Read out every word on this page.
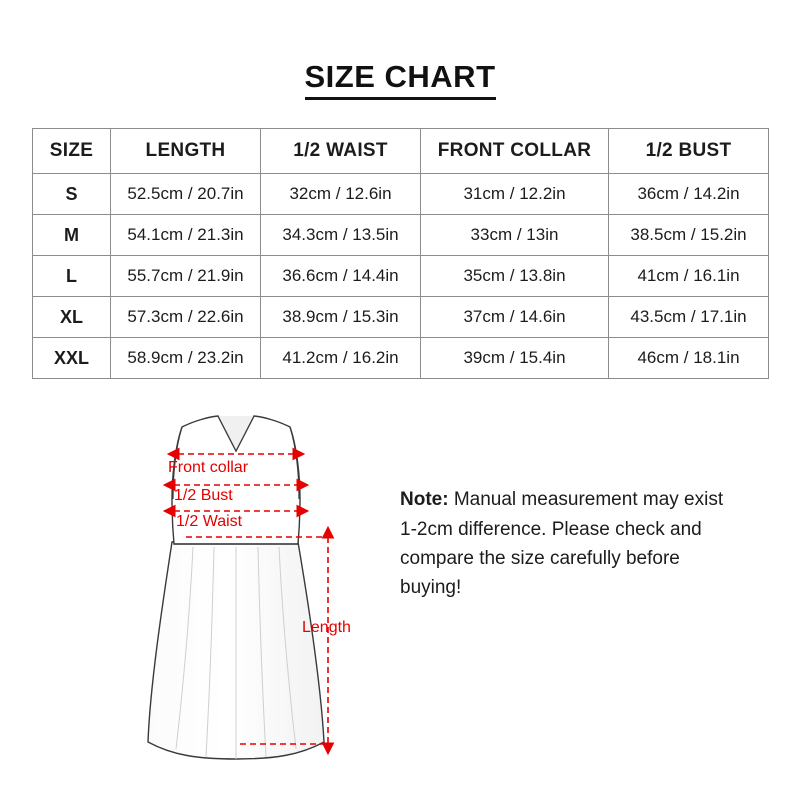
SIZE CHART
SIZE	LENGTH	1/2 WAIST	FRONT COLLAR	1/2 BUST
S	52.5cm / 20.7in	32cm / 12.6in	31cm / 12.2in	36cm / 14.2in
M	54.1cm / 21.3in	34.3cm / 13.5in	33cm / 13in	38.5cm / 15.2in
L	55.7cm / 21.9in	36.6cm / 14.4in	35cm / 13.8in	41cm / 16.1in
XL	57.3cm / 22.6in	38.9cm / 15.3in	37cm / 14.6in	43.5cm / 17.1in
XXL	58.9cm / 23.2in	41.2cm / 16.2in	39cm / 15.4in	46cm / 18.1in
Front collar
1/2 Bust
1/2 Waist
Length
Note: Manual measurement may exist 1-2cm difference. Please check and compare the size carefully before buying!
